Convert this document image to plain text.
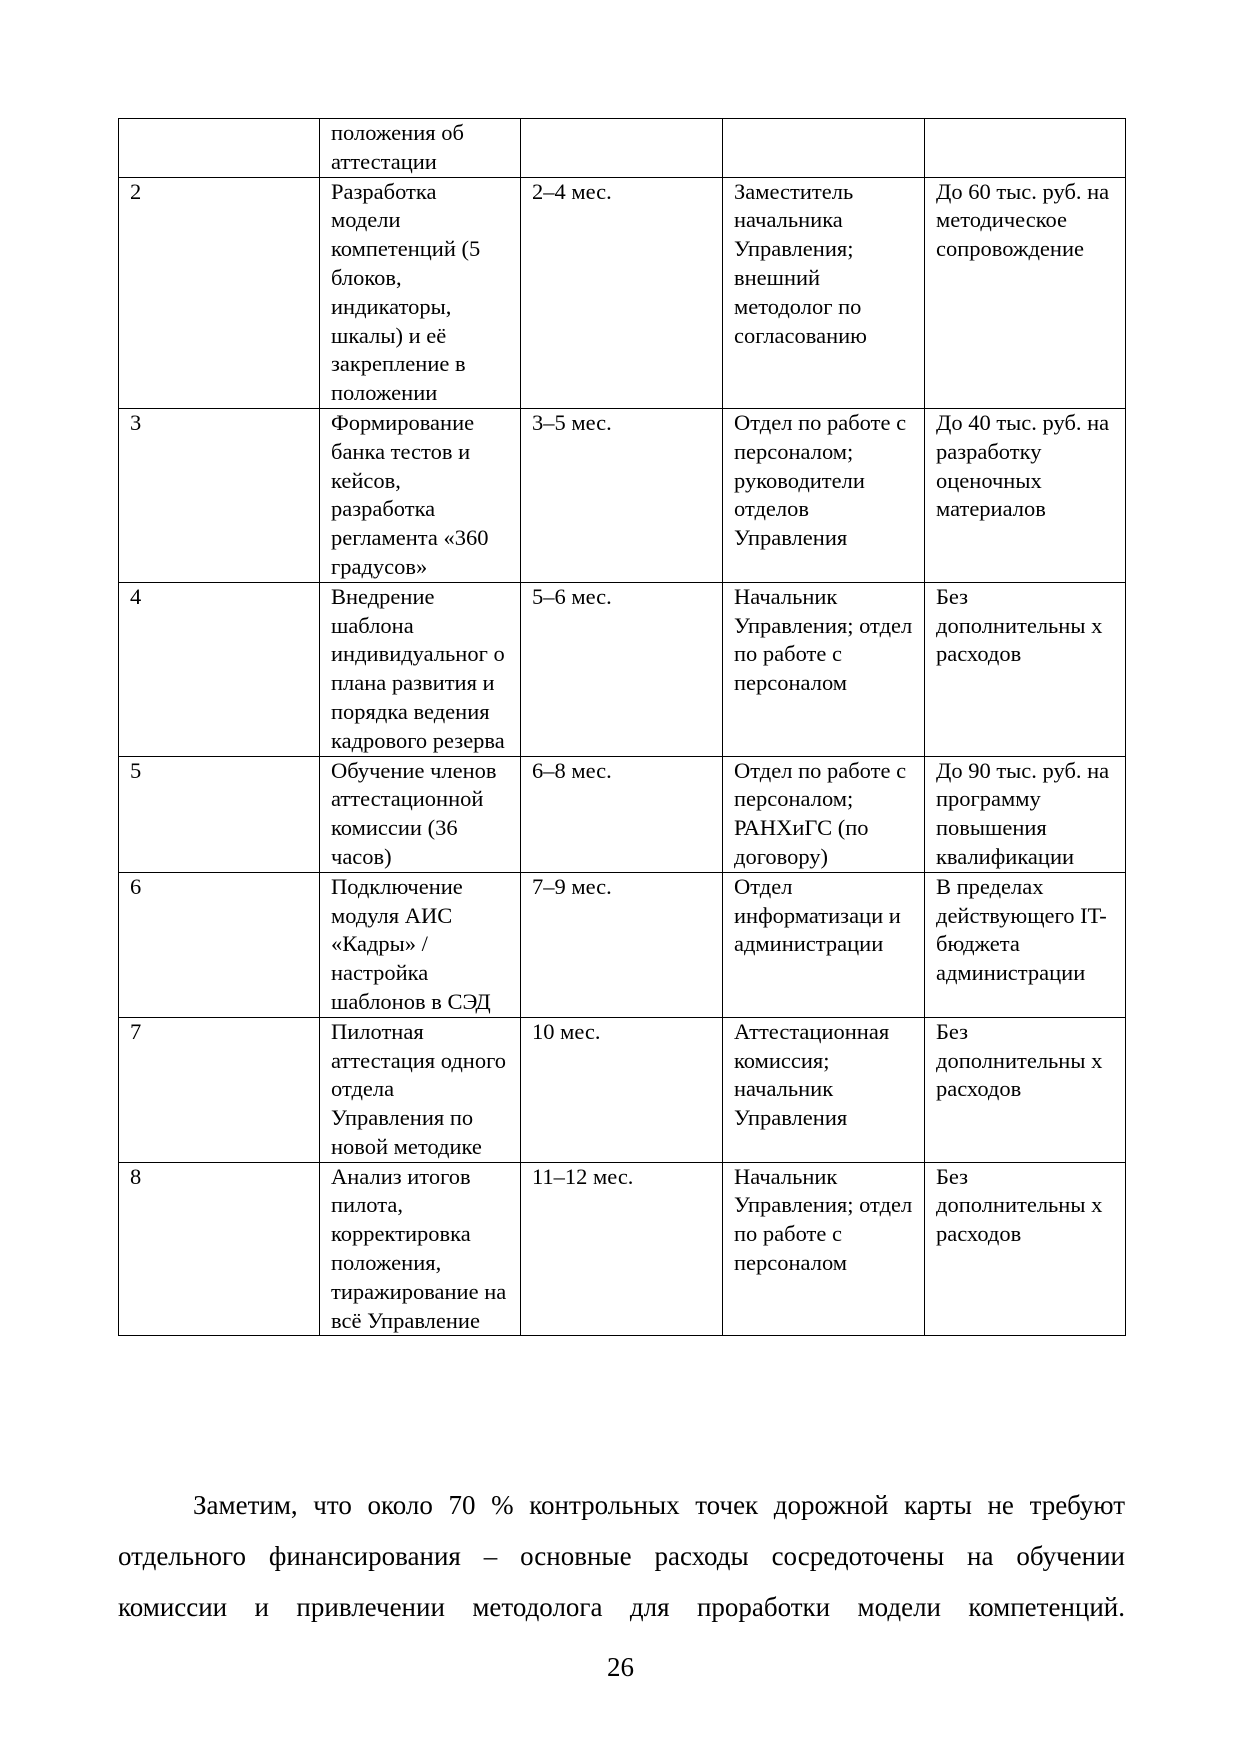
	положения об аттестации			
2	Разработка модели компетенций (5 блоков, индикаторы, шкалы) и её закрепление в положении	2–4 мес.	Заместитель начальника Управления; внешний методолог по согласованию	До 60 тыс. руб. на методическое сопровождение
3	Формирование банка тестов и кейсов, разработка регламента «360 градусов»	3–5 мес.	Отдел по работе с персоналом; руководители отделов Управления	До 40 тыс. руб. на разработку оценочных материалов
4	Внедрение шаблона индивидуальног о плана развития и порядка ведения кадрового резерва	5–6 мес.	Начальник Управления; отдел по работе с персоналом	Без дополнительны х расходов
5	Обучение членов аттестационной комиссии (36 часов)	6–8 мес.	Отдел по работе с персоналом; РАНХиГС (по договору)	До 90 тыс. руб. на программу повышения квалификации
6	Подключение модуля АИС «Кадры» / настройка шаблонов в СЭД	7–9 мес.	Отдел информатизаци и администрации	В пределах действующего IT-бюджета администрации
7	Пилотная аттестация одного отдела Управления по новой методике	10 мес.	Аттестационная комиссия; начальник Управления	Без дополнительны х расходов
8	Анализ итогов пилота, корректировка положения, тиражирование на всё Управление	11–12 мес.	Начальник Управления; отдел по работе с персоналом	Без дополнительны х расходов

Заметим, что около 70 % контрольных точек дорожной карты не требуют отдельного финансирования – основные расходы сосредоточены на обучении комиссии и привлечении методолога для проработки модели компетенций.

26
